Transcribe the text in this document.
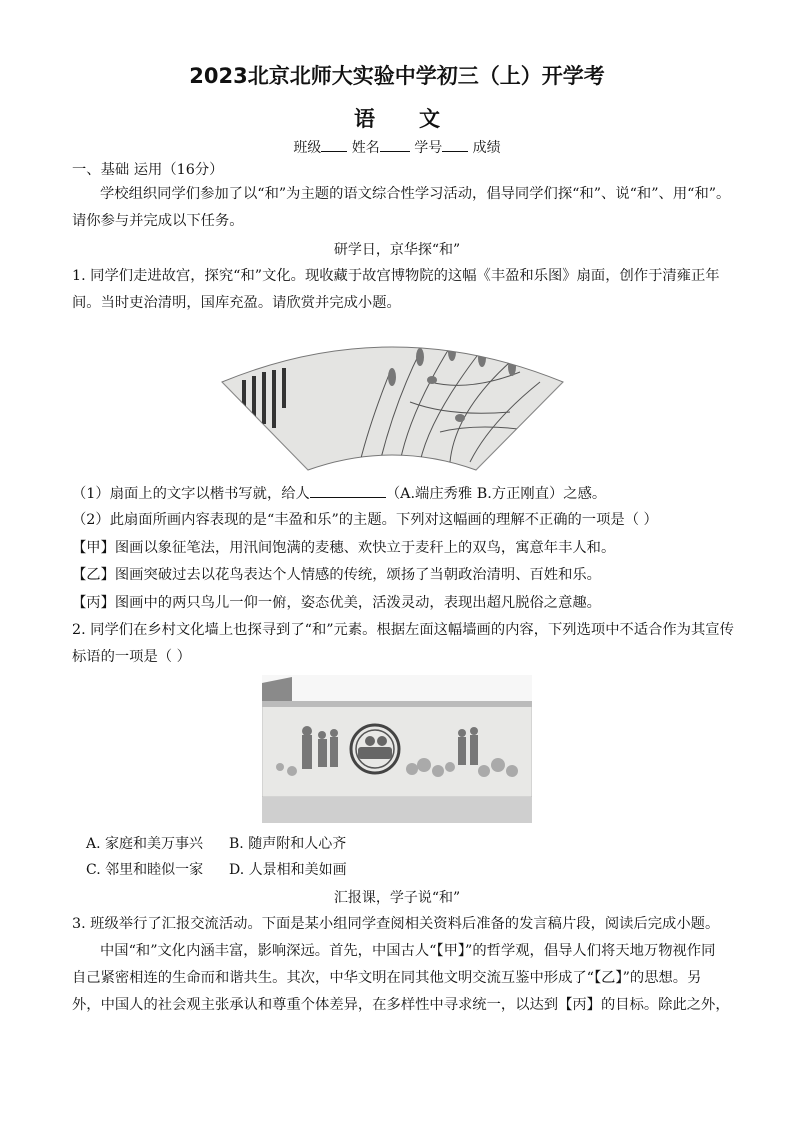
2023北京北师大实验中学初三（上）开学考
语文
班级 姓名 学号 成绩
一、基础 运用（16分）
学校组织同学们参加了以“和”为主题的语文综合性学习活动，倡导同学们探“和”、说“和”、用“和”。
请你参与并完成以下任务。
研学日，京华探“和”
1. 同学们走进故宫，探究“和”文化。现收藏于故宫博物院的这幅《丰盈和乐图》扇面，创作于清雍正年
间。当时吏治清明，国库充盈。请欣赏并完成小题。
（1）扇面上的文字以楷书写就，给人	（A.端庄秀雅 B.方正刚直）之感。
（2）此扇面所画内容表现的是“丰盈和乐”的主题。下列对这幅画的理解不正确的一项是（ ）
【甲】图画以象征笔法，用汛间饱满的麦穗、欢快立于麦秆上的双鸟，寓意年丰人和。
【乙】图画突破过去以花鸟表达个人情感的传统，颂扬了当朝政治清明、百姓和乐。
【丙】图画中的两只鸟儿一仰一俯，姿态优美，活泼灵动，表现出超凡脱俗之意趣。
2. 同学们在乡村文化墙上也探寻到了“和”元素。根据左面这幅墙画的内容，下列选项中不适合作为其宣传
标语的一项是（ ）
A. 家庭和美万事兴 B. 随声附和人心齐
C. 邻里和睦似一家 D. 人景相和美如画
汇报课，学子说“和”
3. 班级举行了汇报交流活动。下面是某小组同学查阅相关资料后准备的发言稿片段，阅读后完成小题。
中国“和”文化内涵丰富，影响深远。首先，中国古人“【甲】”的哲学观，倡导人们将天地万物视作同
自己紧密相连的生命而和谐共生。其次，中华文明在同其他文明交流互鉴中形成了“【乙】”的思想。另
外，中国人的社会观主张承认和尊重个体差异，在多样性中寻求统一，以达到【丙】的目标。除此之外，
